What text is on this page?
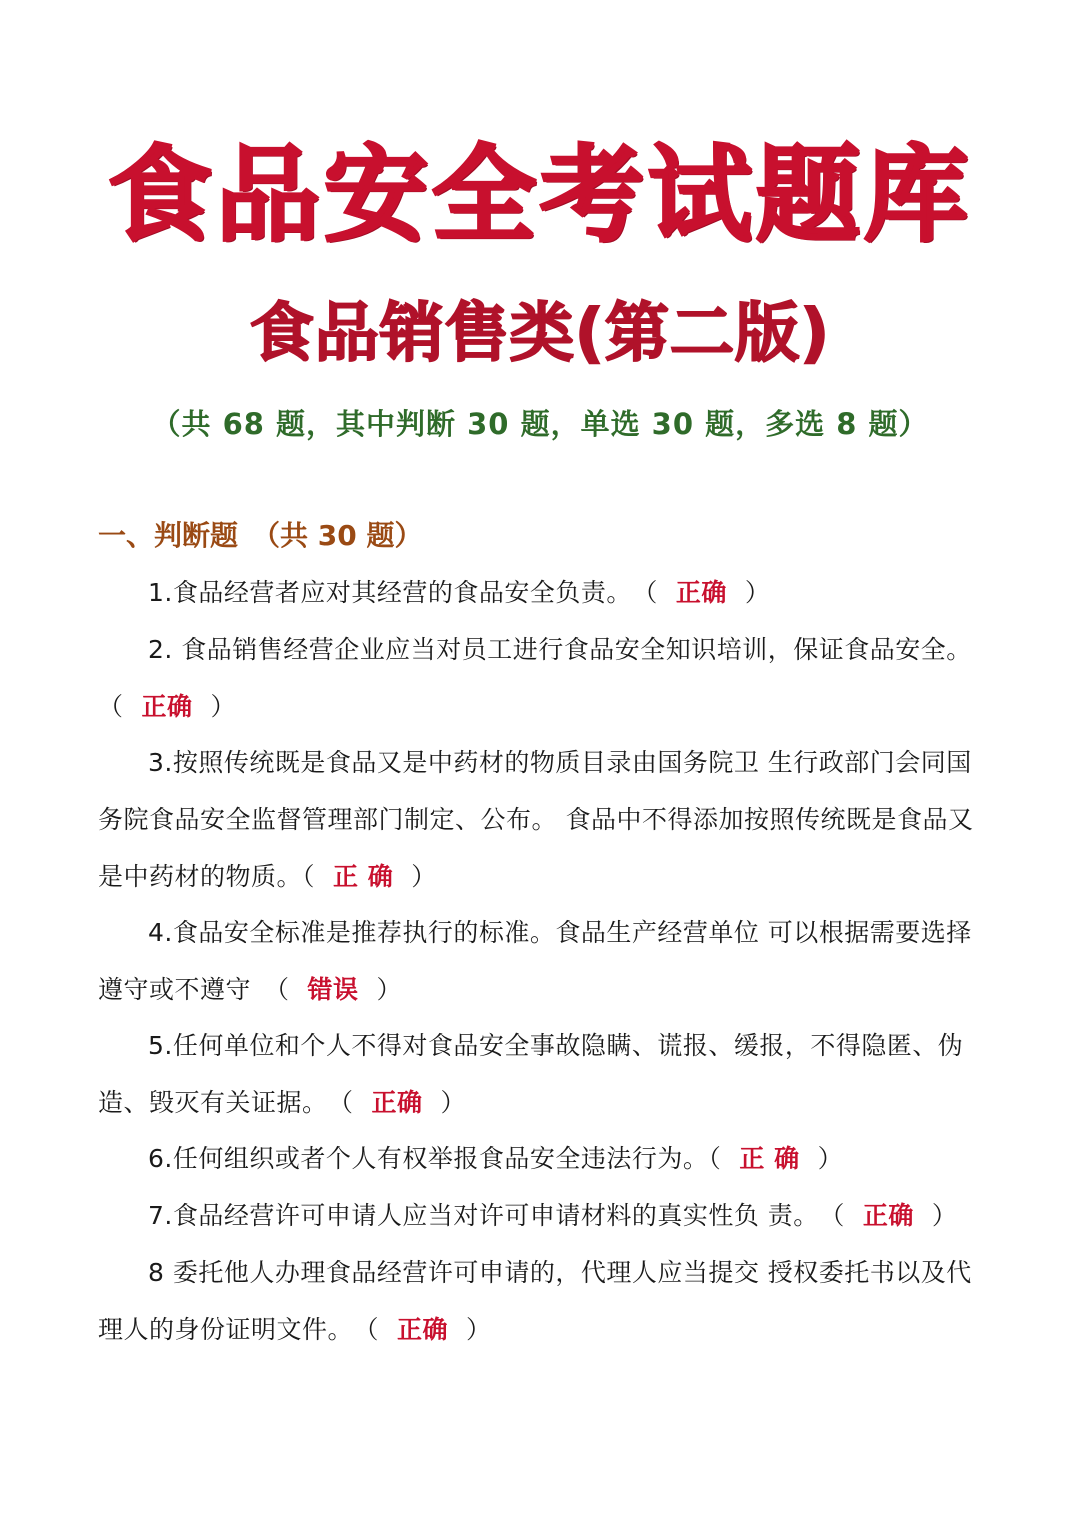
食品安全考试题库
食品销售类(第二版)
（共 68 题，其中判断 30 题，单选 30 题，多选 8 题）
一、判断题　（共 30 题）
1.食品经营者应对其经营的食品安全负责。　（ 正确 ）
2. 食品销售经营企业应当对员工进行食品安全知识培训，保证食品安全。
（ 正确 ）
3.按照传统既是食品又是中药材的物质目录由国务院卫 生行政部门会同国务院食品安全监督管理部门制定、公布。 食品中不得添加按照传统既是食品又是中药材的物质。（ 正 确 ）
4.食品安全标准是推荐执行的标准。食品生产经营单位 可以根据需要选择遵守或不遵守　（ 错误 ）
5.任何单位和个人不得对食品安全事故隐瞒、谎报、缓报，不得隐匿、伪造、毁灭有关证据。　（ 正确 ）
6.任何组织或者个人有权举报食品安全违法行为。（ 正 确 ）
7.食品经营许可申请人应当对许可申请材料的真实性负 责。　（ 正确 ）
8 委托他人办理食品经营许可申请的，代理人应当提交 授权委托书以及代理人的身份证明文件。　（ 正确 ）
